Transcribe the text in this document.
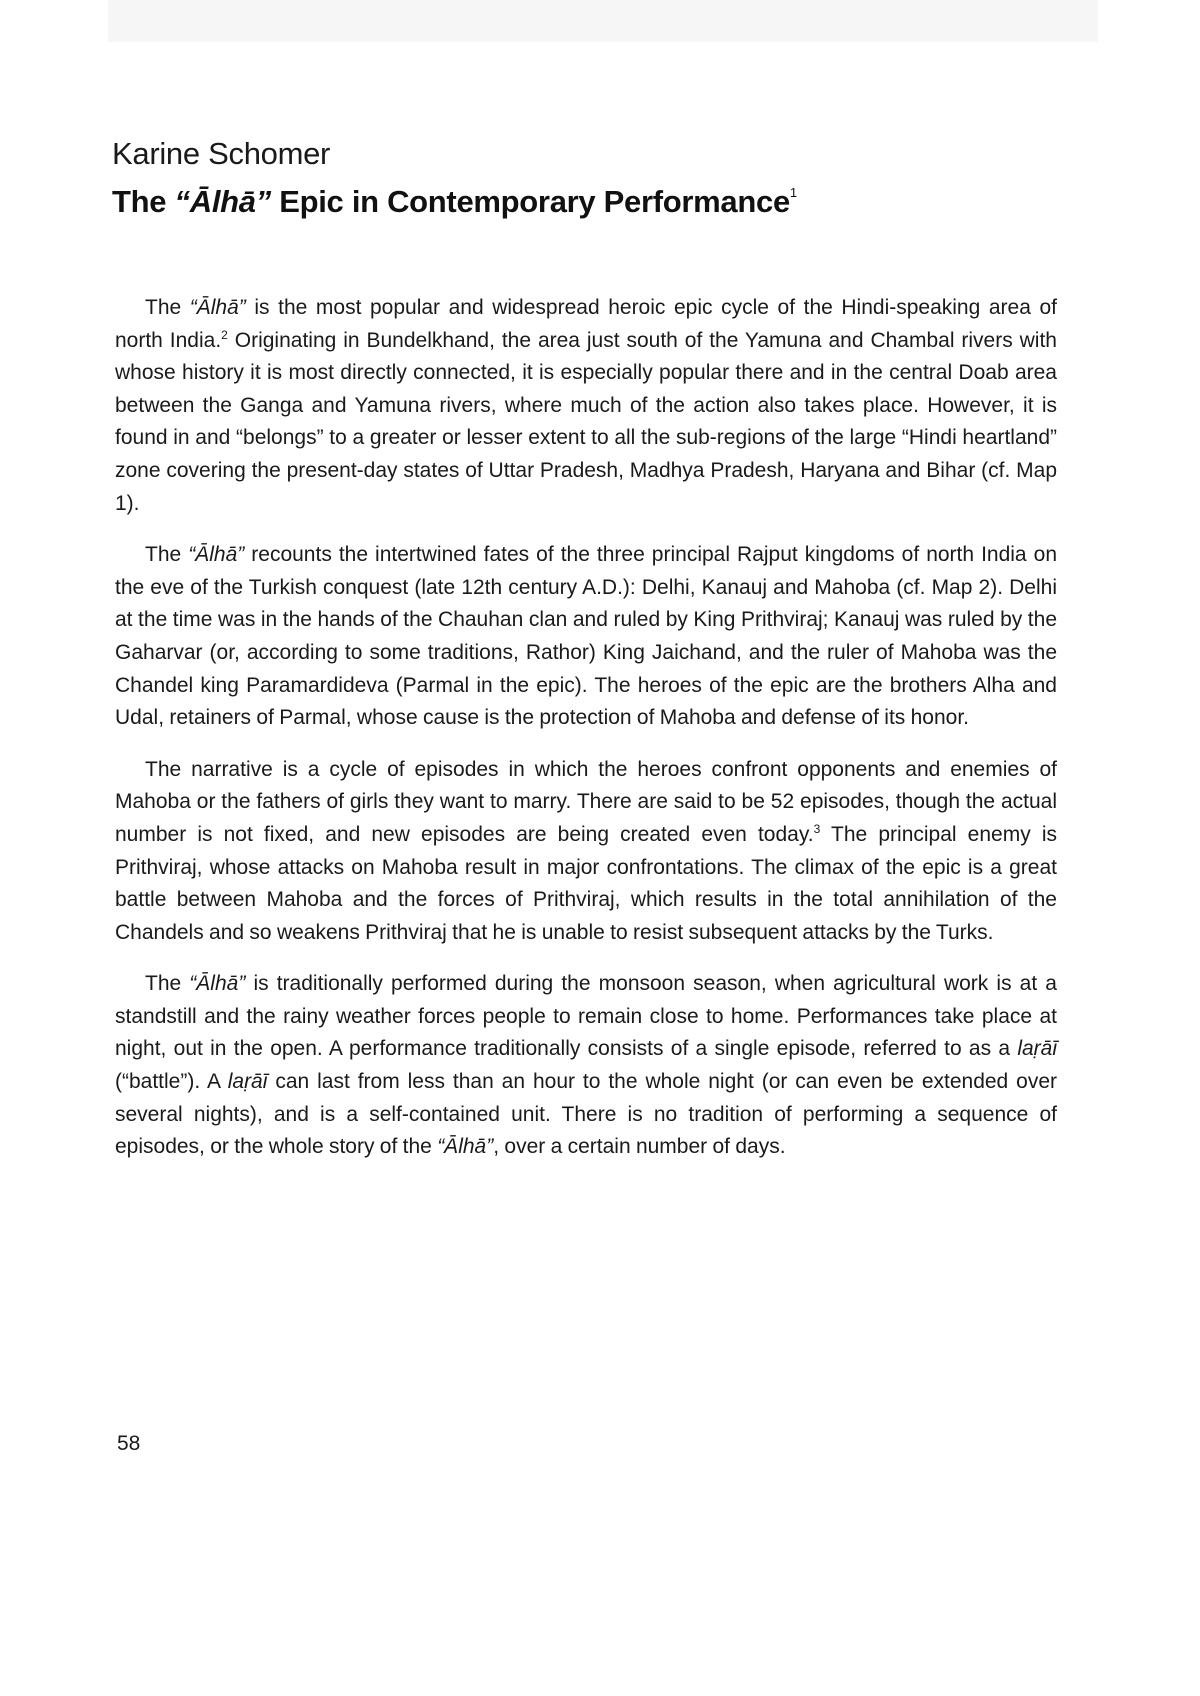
Karine Schomer

The “Ālhā” Epic in Contemporary Performance$^1$

The “Ālhā” is the most popular and widespread heroic epic cycle of the Hindi-speaking area of north India.$^2$ Originating in Bundelkhand, the area just south of the Yamuna and Chambal rivers with whose history it is most directly connected, it is especially popular there and in the central Doab area between the Ganga and Yamuna rivers, where much of the action also takes place. However, it is found in and “belongs” to a greater or lesser extent to all the sub-regions of the large “Hindi heartland” zone covering the present-day states of Uttar Pradesh, Madhya Pradesh, Haryana and Bihar (cf. Map 1).

The “Ālhā” recounts the intertwined fates of the three principal Rajput kingdoms of north India on the eve of the Turkish conquest (late 12th century A.D.): Delhi, Kanauj and Mahoba (cf. Map 2). Delhi at the time was in the hands of the Chauhan clan and ruled by King Prithviraj; Kanauj was ruled by the Gaharvar (or, according to some traditions, Rathor) King Jaichand, and the ruler of Mahoba was the Chandel king Paramardideva (Parmal in the epic). The heroes of the epic are the brothers Alha and Udal, retainers of Parmal, whose cause is the protection of Mahoba and defense of its honor.

The narrative is a cycle of episodes in which the heroes confront opponents and enemies of Mahoba or the fathers of girls they want to marry. There are said to be 52 episodes, though the actual number is not fixed, and new episodes are being created even today.$^3$ The principal enemy is Prithviraj, whose attacks on Mahoba result in major confrontations. The climax of the epic is a great battle between Mahoba and the forces of Prithviraj, which results in the total annihilation of the Chandels and so weakens Prithviraj that he is unable to resist subsequent attacks by the Turks.

The “Ālhā” is traditionally performed during the monsoon season, when agricultural work is at a standstill and the rainy weather forces people to remain close to home. Performances take place at night, out in the open. A performance traditionally consists of a single episode, referred to as a laṛāī (“battle”). A laṛāī can last from less than an hour to the whole night (or can even be extended over several nights), and is a self-contained unit. There is no tradition of performing a sequence of episodes, or the whole story of the “Ālhā”, over a certain number of days.

58
